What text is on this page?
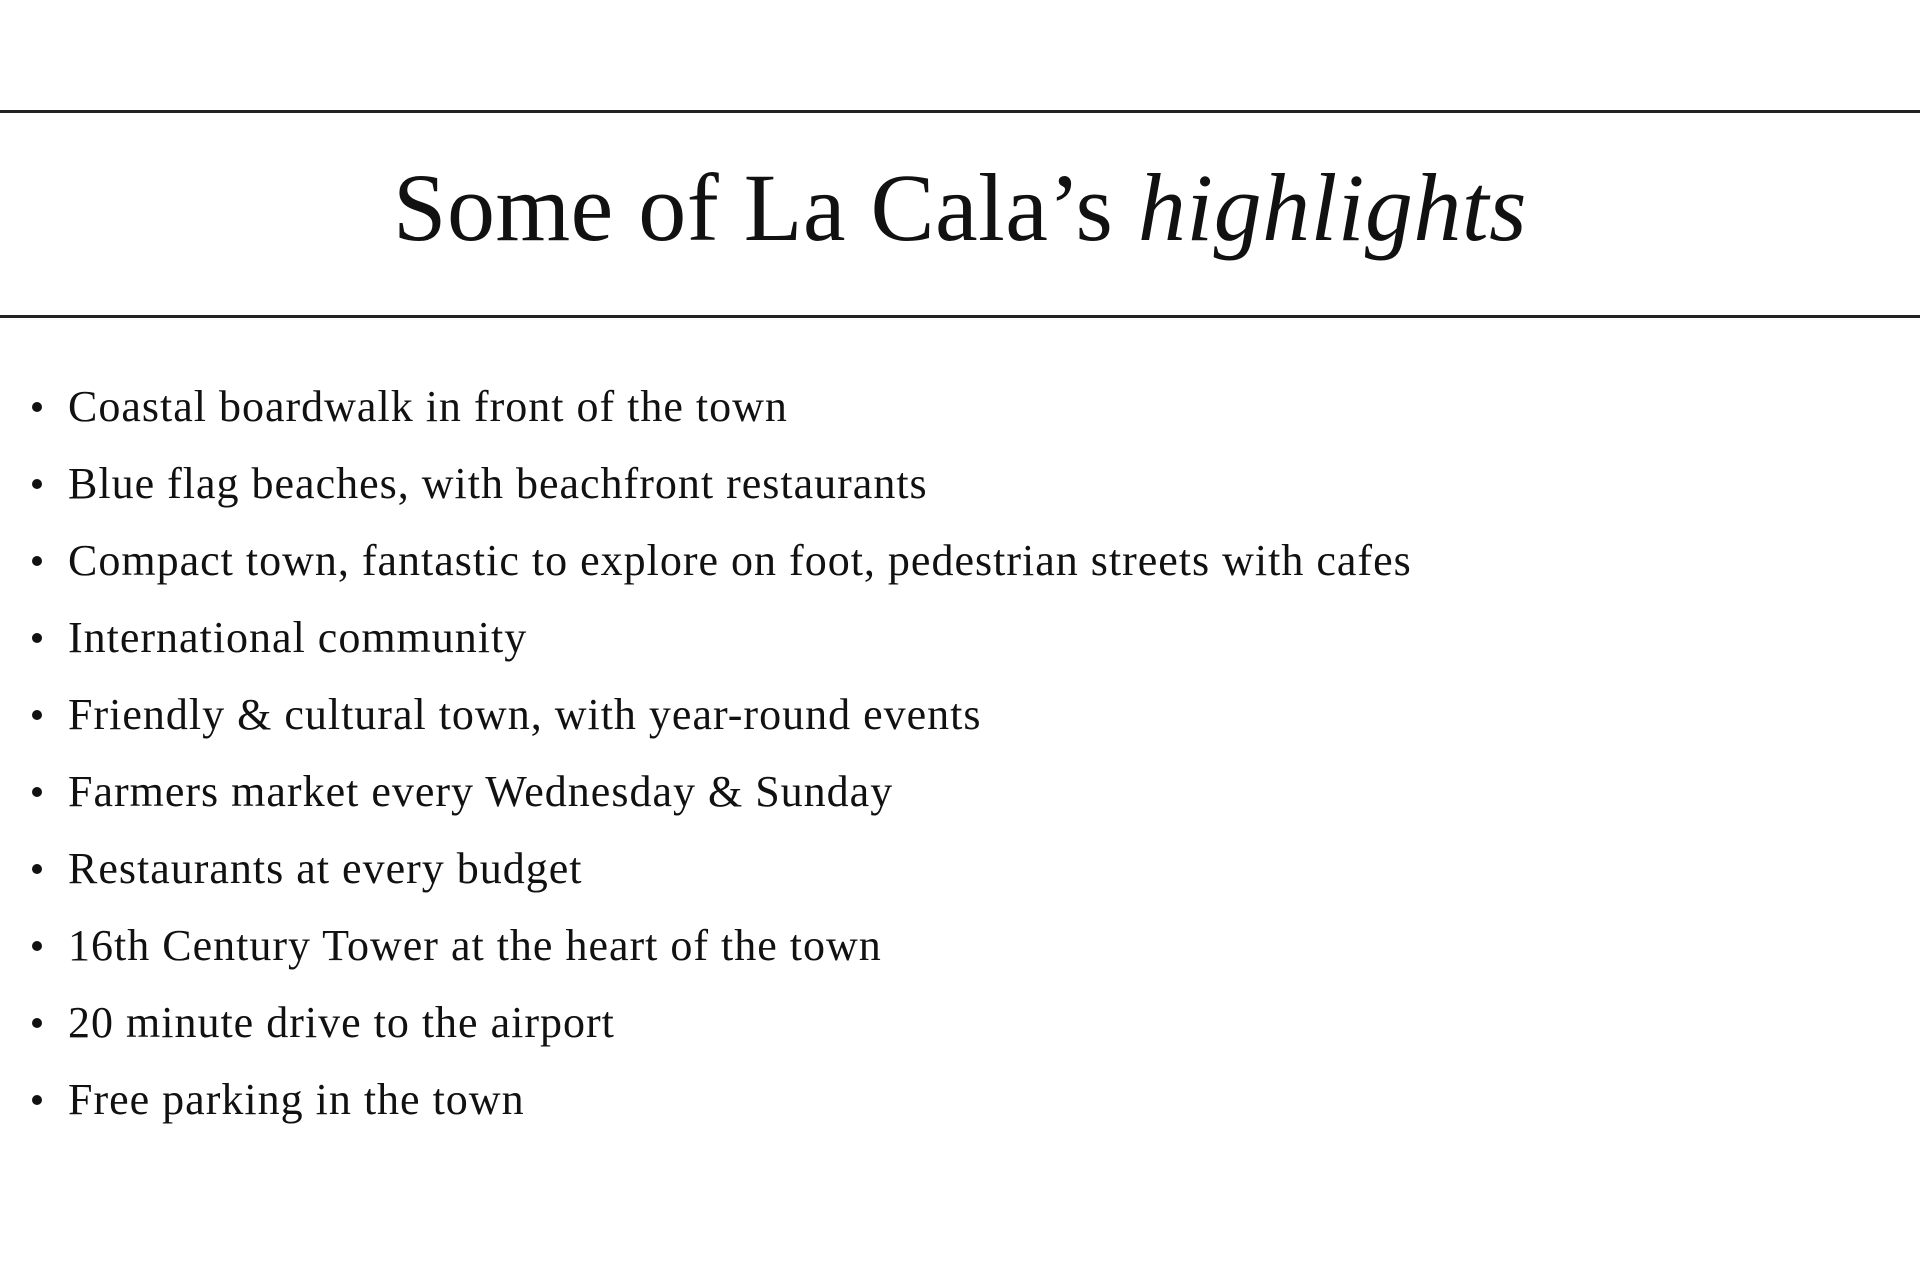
Some of La Cala’s highlights
Coastal boardwalk in front of the town
Blue flag beaches, with beachfront restaurants
Compact town, fantastic to explore on foot, pedestrian streets with cafes
International community
Friendly & cultural town, with year-round events
Farmers market every Wednesday & Sunday
Restaurants at every budget
16th Century Tower at the heart of the town
20 minute drive to the airport
Free parking in the town
